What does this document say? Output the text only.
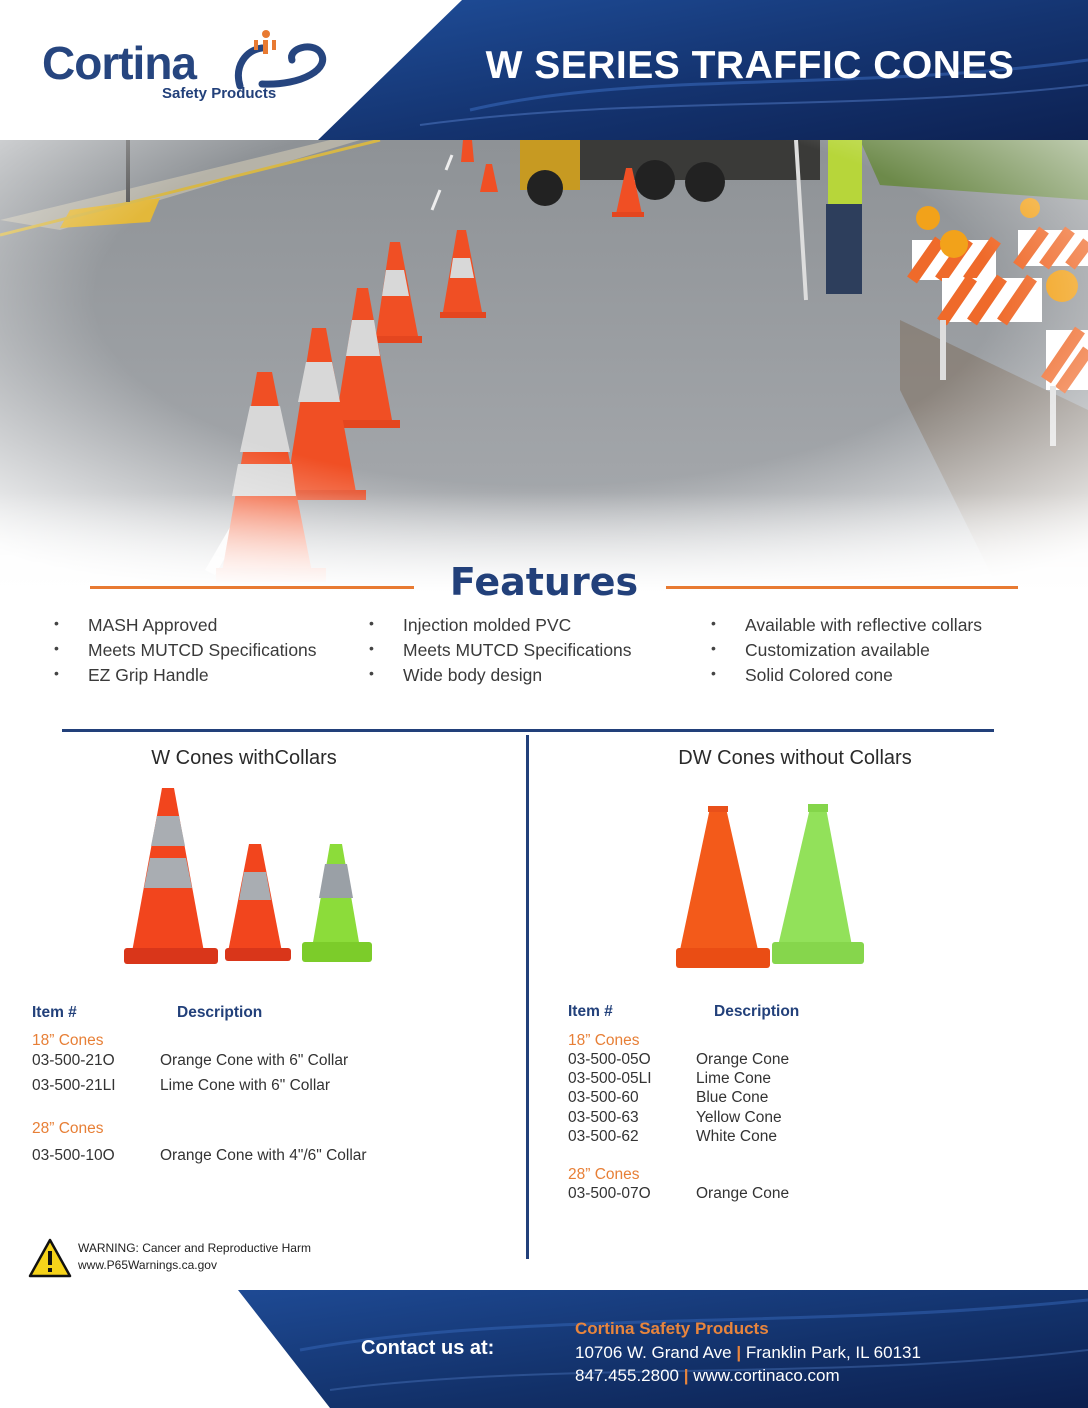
Cortina
Safety Products
W SERIES TRAFFIC CONES
Features
• MASH Approved
• Meets MUTCD Specifications
• EZ Grip Handle
• Injection molded PVC
• Meets MUTCD Specifications
• Wide body design
• Available with reflective collars
• Customization available
• Solid Colored cone
W Cones withCollars
Item #	Description
18” Cones
03-500-21O	Orange Cone with 6" Collar
03-500-21LI	Lime Cone with 6" Collar
28” Cones
03-500-10O	Orange Cone with 4"/6" Collar
DW Cones without Collars
Item #	Description
18” Cones
03-500-05O	Orange Cone
03-500-05LI	Lime Cone
03-500-60	Blue Cone
03-500-63	Yellow Cone
03-500-62	White Cone
28” Cones
03-500-07O	Orange Cone
WARNING: Cancer and Reproductive Harm
www.P65Warnings.ca.gov
Contact us at:
Cortina Safety Products
10706 W. Grand Ave | Franklin Park, IL 60131
847.455.2800 | www.cortinaco.com
